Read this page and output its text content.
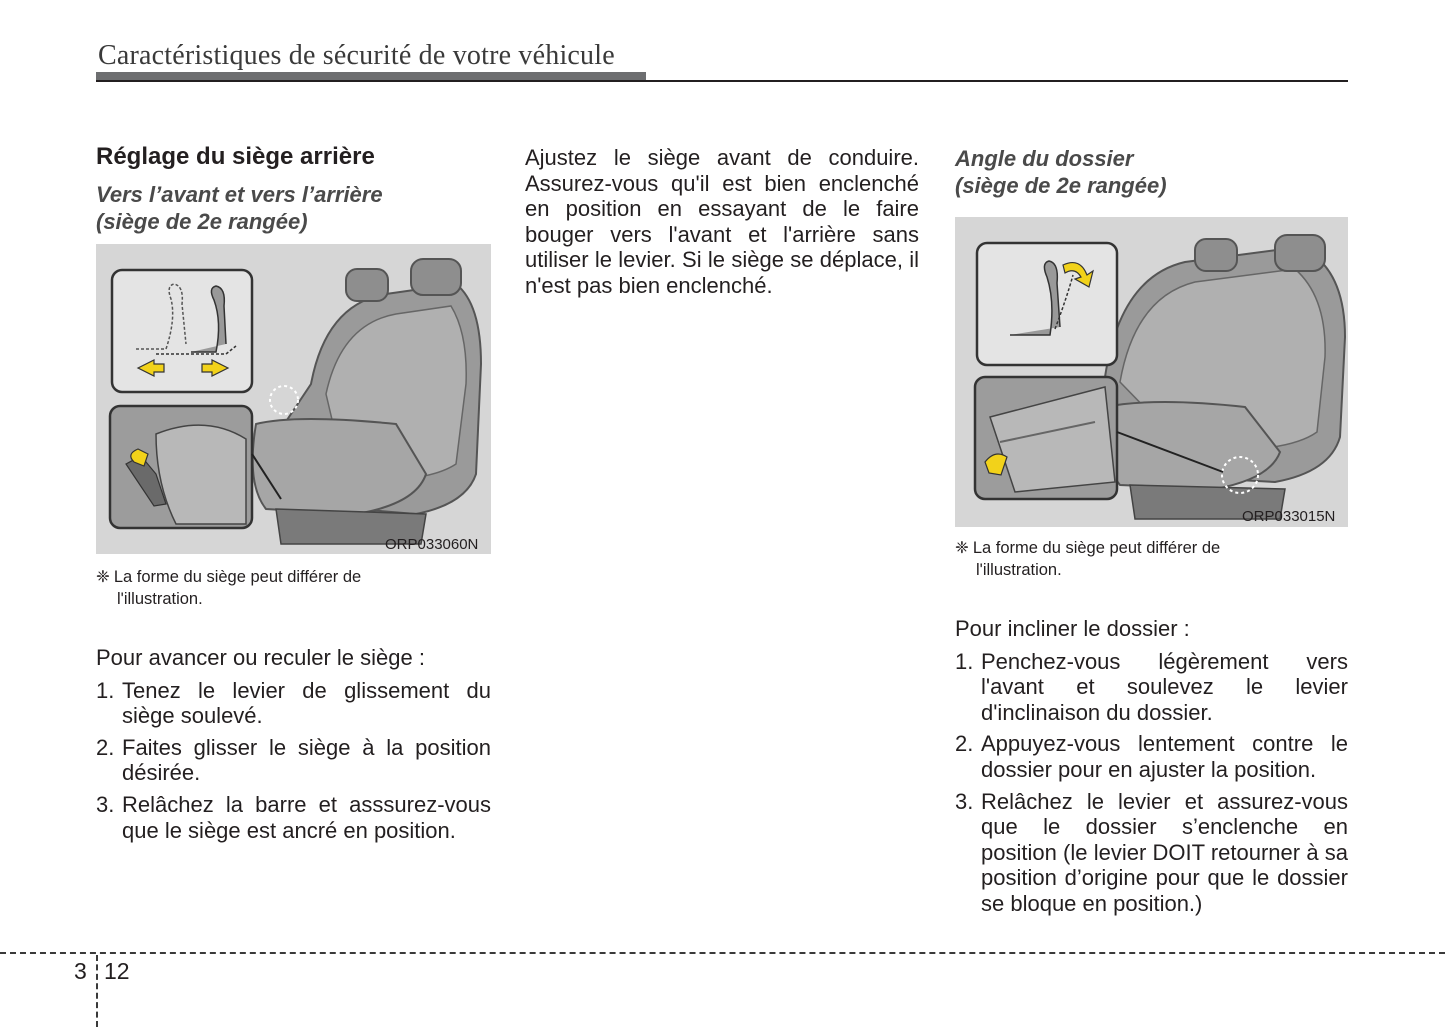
Caractéristiques de sécurité de votre véhicule
Réglage du siège arrière

Vers l’avant et vers l’arrière

(siège de 2e rangée)

ORP033060N
❈ La forme du siège peut différer de
l'illustration.

Pour avancer ou reculer le siège :

1. Tenez le levier de glissement du siège soulevé.
2. Faites glisser le siège à la position désirée.
3. Relâchez la barre et asssurez-vous que le siège est ancré en position.
Ajustez le siège avant de conduire. Assurez-vous qu'il est bien enclenché en position en essayant de le faire bouger vers l'avant et l'arrière sans utiliser le levier. Si le siège se déplace, il n'est pas bien enclenché.

Angle du dossier

(siège de 2e rangée)

ORP033015N
❈ La forme du siège peut différer de
l'illustration.

Pour incliner le dossier :

1. Penchez-vous légèrement vers l'avant et soulevez le levier d'inclinaison du dossier.
2. Appuyez-vous lentement contre le dossier pour en ajuster la position.
3. Relâchez le levier et assurez-vous que le dossier s’enclenche en position (le levier DOIT retourner à sa position d’origine pour que le dossier se bloque en position.)
3 12
